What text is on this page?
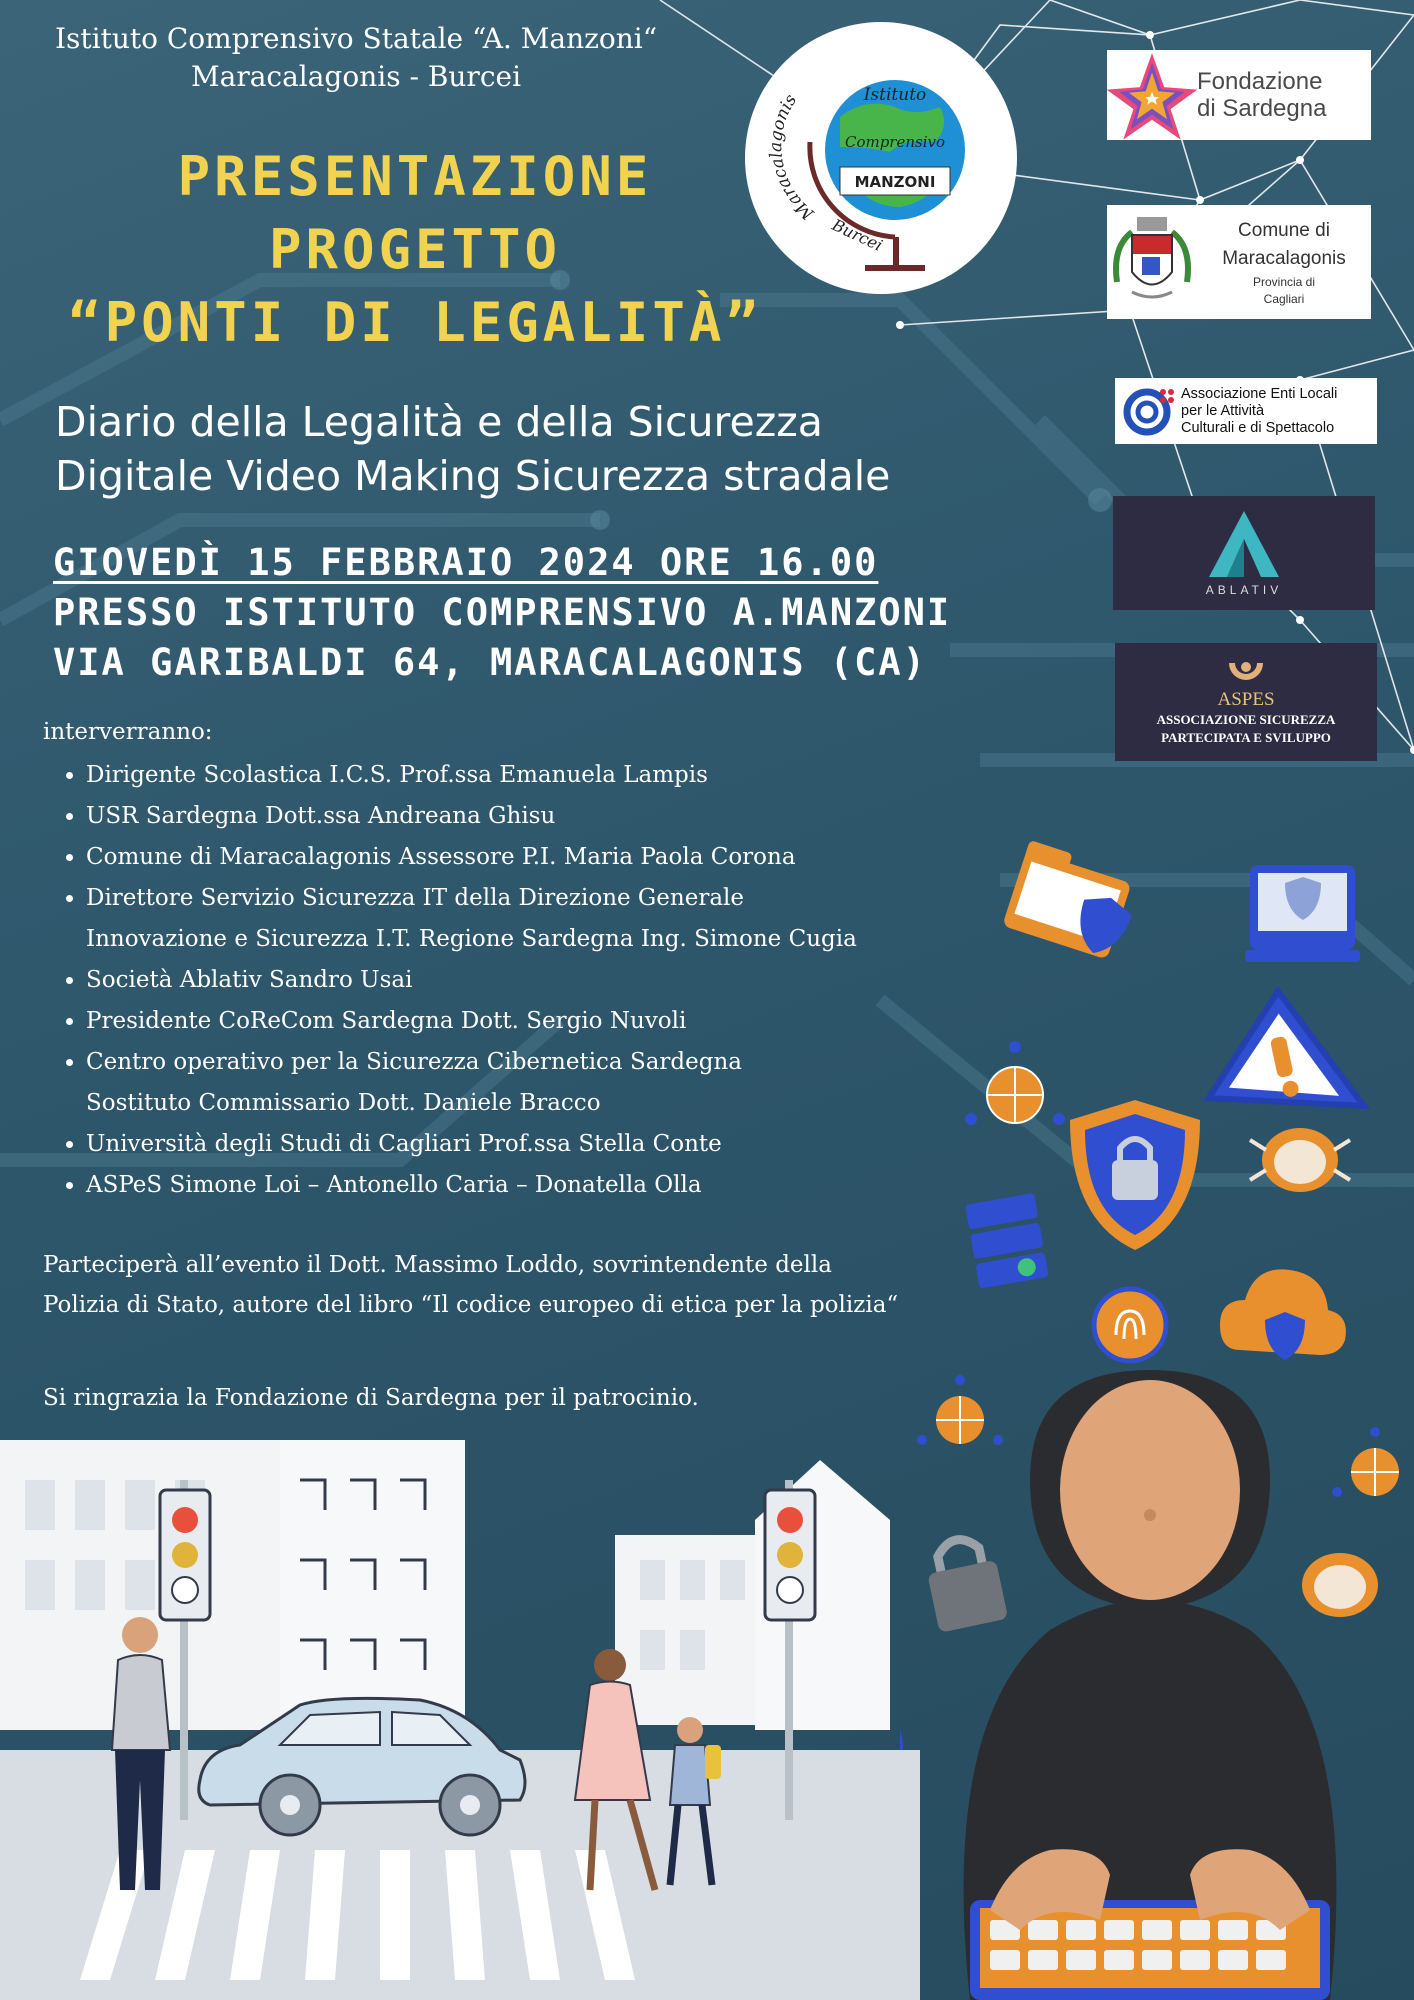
Istituto Comprensivo Statale “A. Manzoni“
Maracalagonis - Burcei
Maracalagonis	Istituto
Comprensivo
MANZONI
Burcei
PRESENTAZIONE
PROGETTO
“PONTI DI LEGALITÀ”
Diario della Legalità e della Sicurezza
Digitale Video Making Sicurezza stradale
GIOVEDÌ 15 FEBBRAIO 2024 ORE 16.00
PRESSO ISTITUTO COMPRENSIVO A.MANZONI
VIA GARIBALDI 64, MARACALAGONIS (CA)
interverranno:
• Dirigente Scolastica I.C.S. Prof.ssa Emanuela Lampis
• USR Sardegna Dott.ssa Andreana Ghisu
• Comune di Maracalagonis Assessore P.I. Maria Paola Corona
• Direttore Servizio Sicurezza IT della Direzione Generale
Innovazione e Sicurezza I.T. Regione Sardegna Ing. Simone Cugia
• Società Ablativ Sandro Usai
• Presidente CoReCom Sardegna Dott. Sergio Nuvoli
• Centro operativo per la Sicurezza Cibernetica Sardegna
Sostituto Commissario Dott. Daniele Bracco
• Università degli Studi di Cagliari Prof.ssa Stella Conte
• ASPeS Simone Loi – Antonello Caria – Donatella Olla
Parteciperà all’evento il Dott. Massimo Loddo, sovrintendente della
Polizia di Stato, autore del libro “Il codice europeo di etica per la polizia“
Si ringrazia la Fondazione di Sardegna per il patrocinio.
Fondazione
di Sardegna
Comune di
Maracalagonis
Provincia di
Cagliari
Associazione Enti Locali
per le Attività
Culturali e di Spettacolo
ABLATIV
ASPES
ASSOCIAZIONE SICUREZZA
PARTECIPATA E SVILUPPO
